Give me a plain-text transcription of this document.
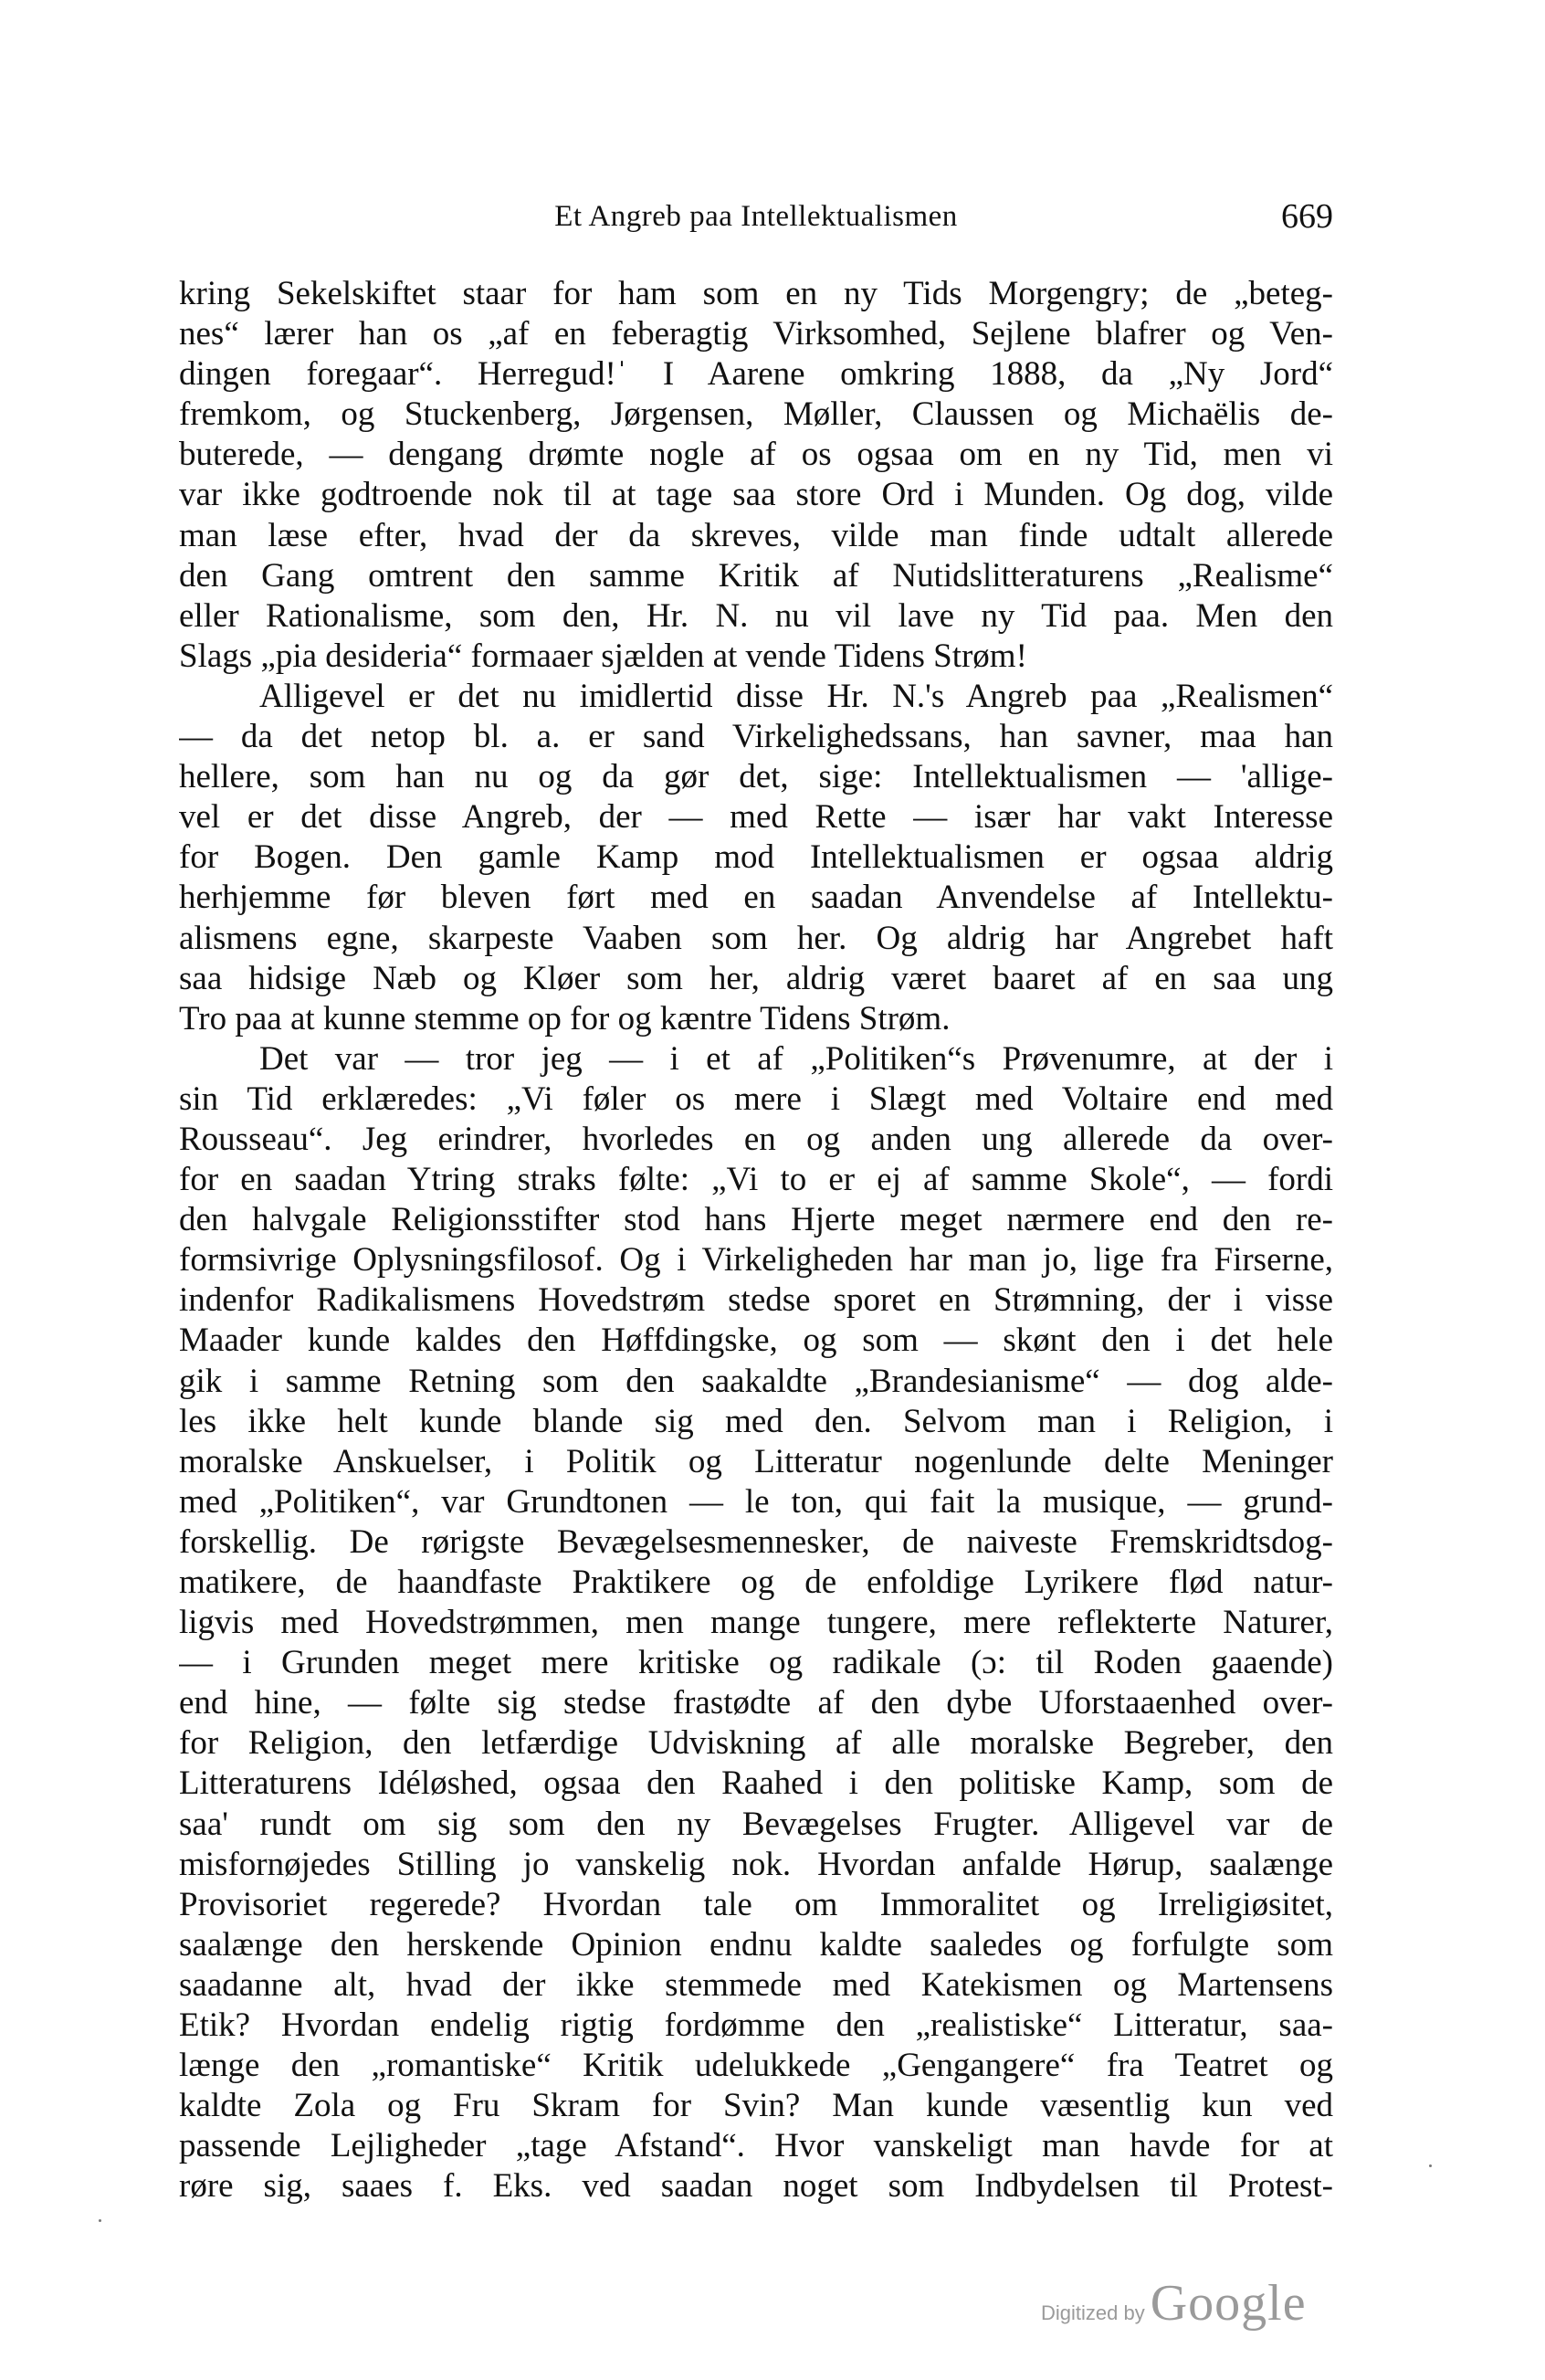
Et Angreb paa Intellektualismen	669
kring Sekelskiftet staar for ham som en ny Tids Morgengry; de „beteg-
nes“ lærer han os „af en feberagtig Virksomhed, Sejlene blafrer og Ven-
dingen foregaar“. Herregud!ˈ I Aarene omkring 1888, da „Ny Jord“
fremkom, og Stuckenberg, Jørgensen, Møller, Claussen og Michaëlis de-
buterede, — dengang drømte nogle af os ogsaa om en ny Tid, men vi
var ikke godtroende nok til at tage saa store Ord i Munden. Og dog, vilde
man læse efter, hvad der da skreves, vilde man finde udtalt allerede
den Gang omtrent den samme Kritik af Nutidslitteraturens „Realisme“
eller Rationalisme, som den, Hr. N. nu vil lave ny Tid paa. Men den
Slags „pia desideria“ formaaer sjælden at vende Tidens Strøm!
Alligevel er det nu imidlertid disse Hr. N.'s Angreb paa „Realismen“
— da det netop bl. a. er sand Virkelighedssans, han savner, maa han
hellere, som han nu og da gør det, sige: Intellektualismen — 'allige-
vel er det disse Angreb, der — med Rette — især har vakt Interesse
for Bogen. Den gamle Kamp mod Intellektualismen er ogsaa aldrig
herhjemme før bleven ført med en saadan Anvendelse af Intellektu-
alismens egne, skarpeste Vaaben som her. Og aldrig har Angrebet haft
saa hidsige Næb og Kløer som her, aldrig været baaret af en saa ung
Tro paa at kunne stemme op for og kæntre Tidens Strøm.
Det var — tror jeg — i et af „Politiken“s Prøvenumre, at der i
sin Tid erklæredes: „Vi føler os mere i Slægt med Voltaire end med
Rousseau“. Jeg erindrer, hvorledes en og anden ung allerede da over-
for en saadan Ytring straks følte: „Vi to er ej af samme Skole“, — fordi
den halvgale Religionsstifter stod hans Hjerte meget nærmere end den re-
formsivrige Oplysningsfilosof. Og i Virkeligheden har man jo, lige fra Firserne,
indenfor Radikalismens Hovedstrøm stedse sporet en Strømning, der i visse
Maader kunde kaldes den Høffdingske, og som — skønt den i det hele
gik i samme Retning som den saakaldte „Brandesianisme“ — dog alde-
les ikke helt kunde blande sig med den. Selvom man i Religion, i
moralske Anskuelser, i Politik og Litteratur nogenlunde delte Meninger
med „Politiken“, var Grundtonen — le ton, qui fait la musique, — grund-
forskellig. De rørigste Bevægelsesmennesker, de naiveste Fremskridtsdog-
matikere, de haandfaste Praktikere og de enfoldige Lyrikere flød natur-
ligvis med Hovedstrømmen, men mange tungere, mere reflekterte Naturer,
— i Grunden meget mere kritiske og radikale (ɔ: til Roden gaaende)
end hine, — følte sig stedse frastødte af den dybe Uforstaaenhed over-
for Religion, den letfærdige Udviskning af alle moralske Begreber, den
Litteraturens Idéløshed, ogsaa den Raahed i den politiske Kamp, som de
saa' rundt om sig som den ny Bevægelses Frugter. Alligevel var de
misfornøjedes Stilling jo vanskelig nok. Hvordan anfalde Hørup, saalænge
Provisoriet regerede? Hvordan tale om Immoralitet og Irreligiøsitet,
saalænge den herskende Opinion endnu kaldte saaledes og forfulgte som
saadanne alt, hvad der ikke stemmede med Katekismen og Martensens
Etik? Hvordan endelig rigtig fordømme den „realistiske“ Litteratur, saa-
længe den „romantiske“ Kritik udelukkede „Gengangere“ fra Teatret og
kaldte Zola og Fru Skram for Svin? Man kunde væsentlig kun ved
passende Lejligheder „tage Afstand“. Hvor vanskeligt man havde for at
røre sig, saaes f. Eks. ved saadan noget som Indbydelsen til Protest-
Digitized by Google
